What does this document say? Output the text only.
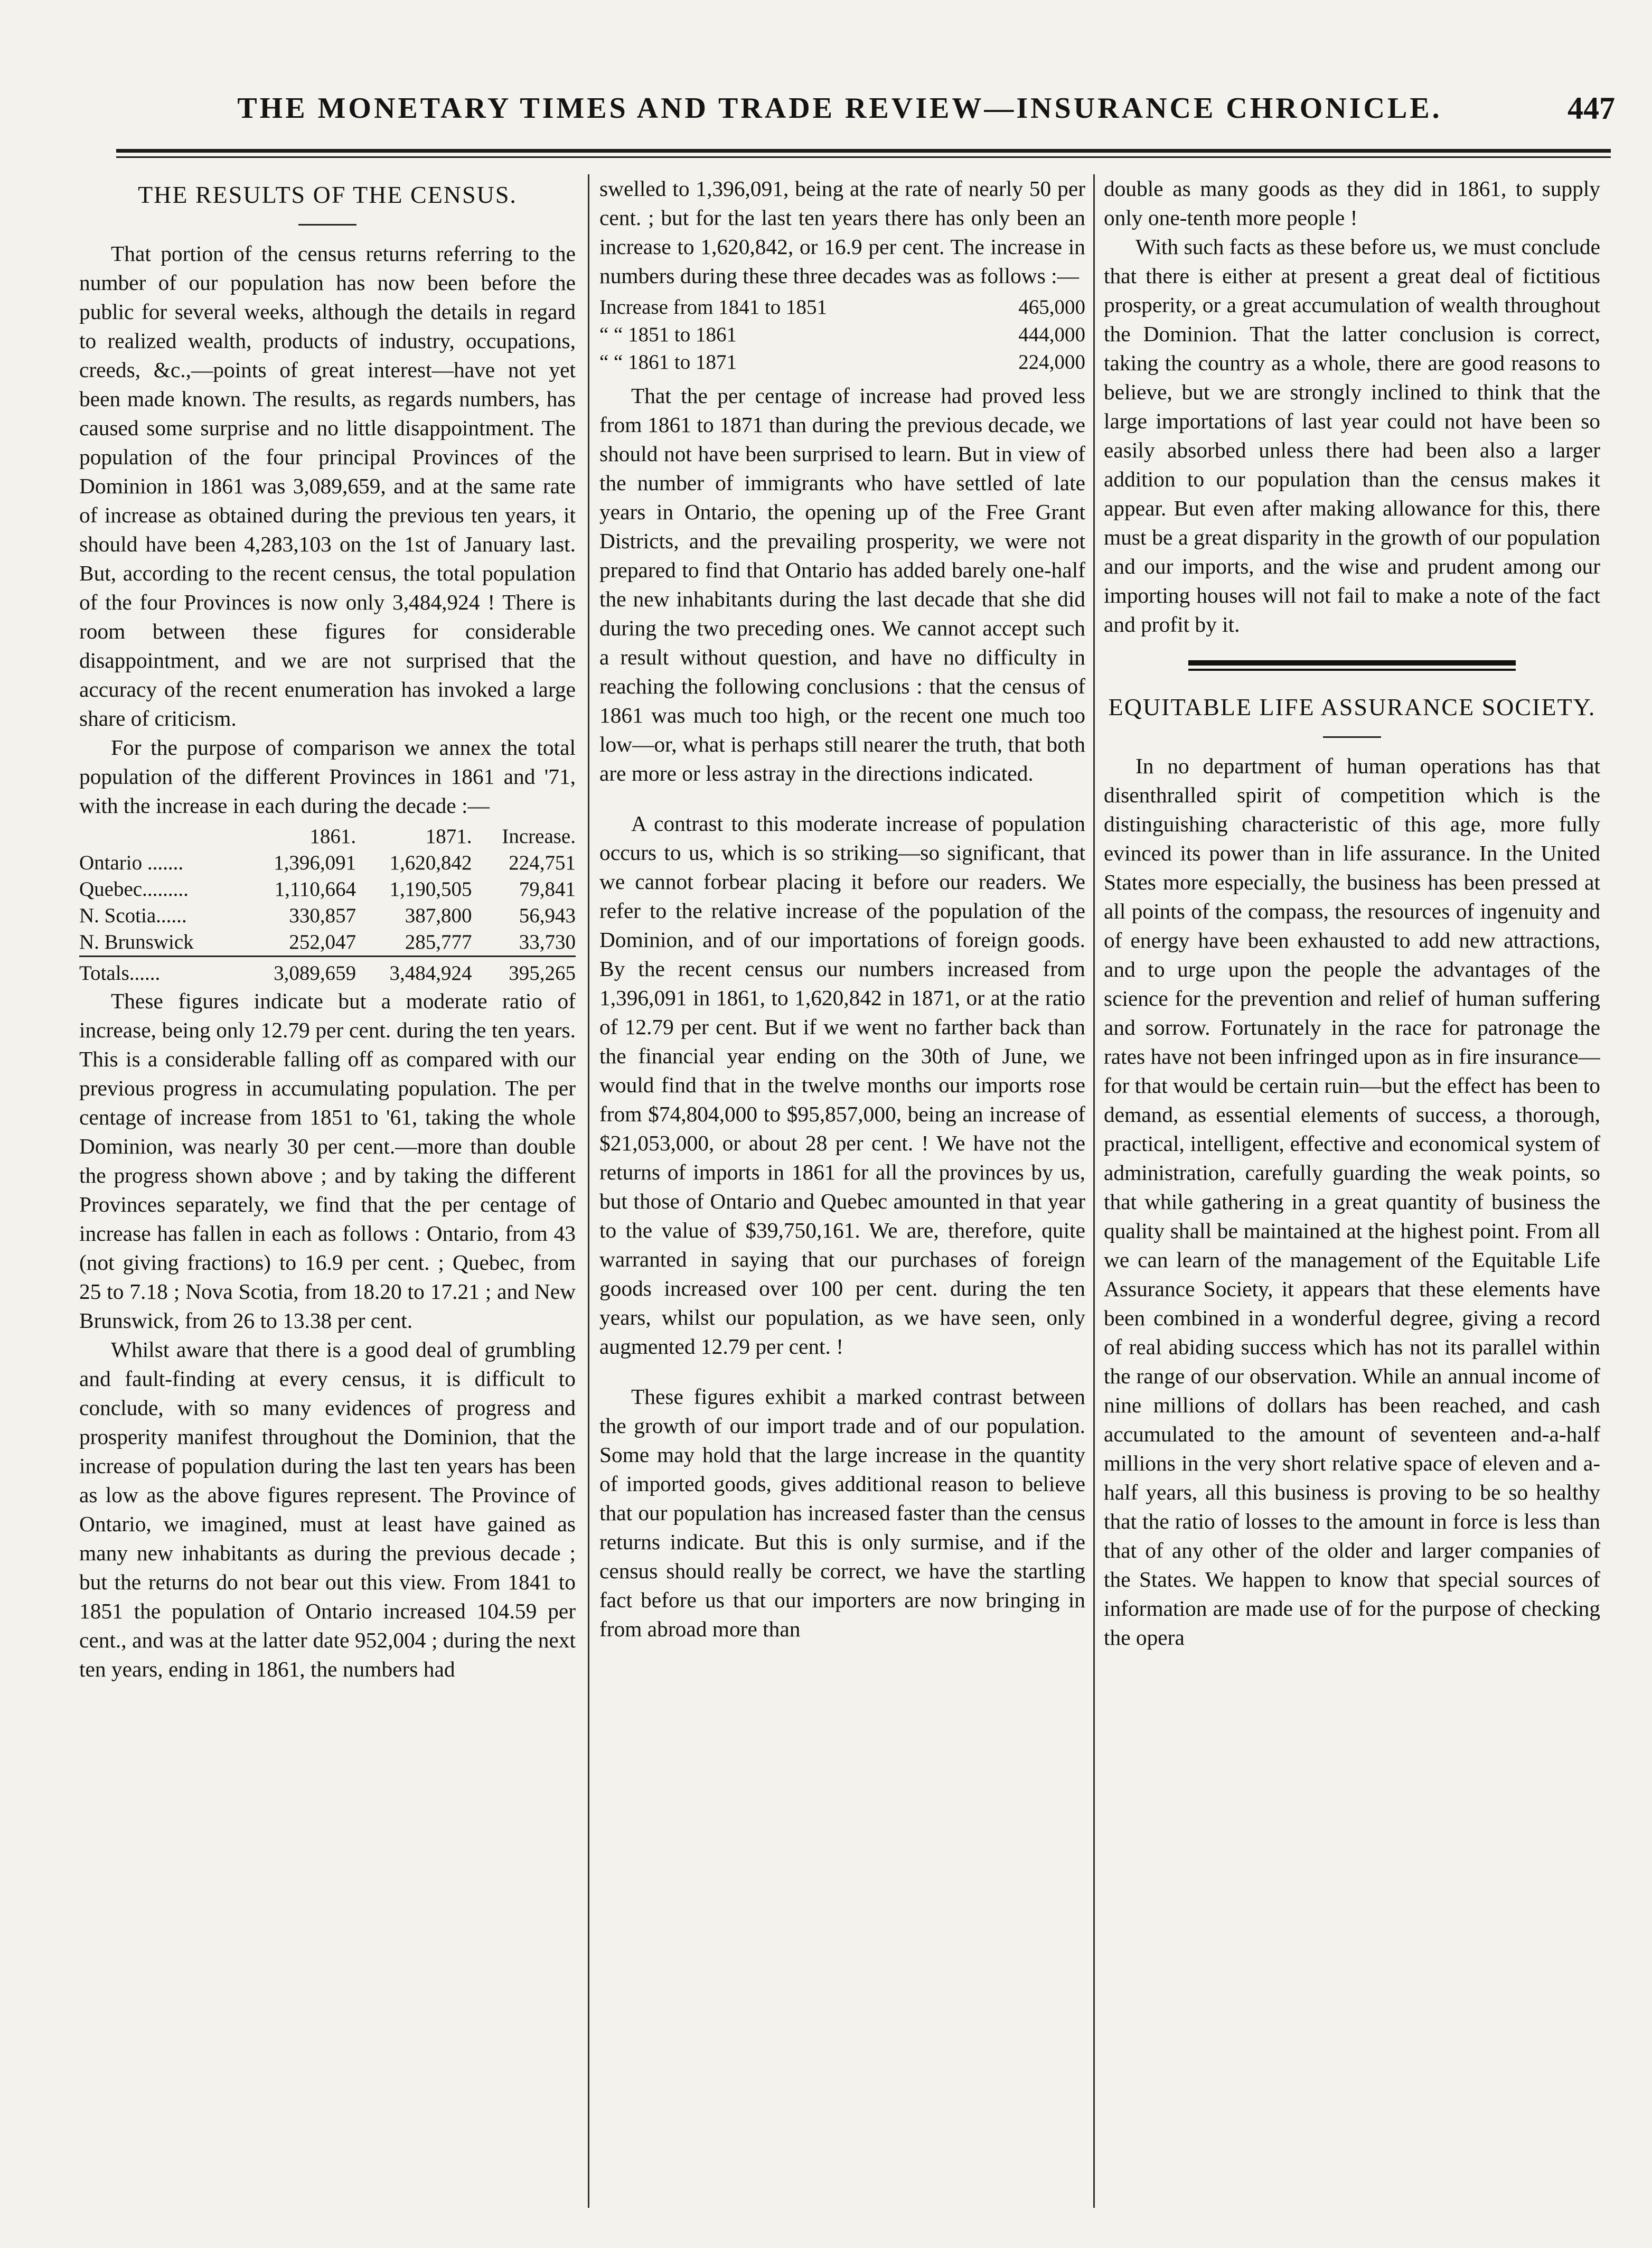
THE MONETARY TIMES AND TRADE REVIEW—INSURANCE CHRONICLE.	447
THE RESULTS OF THE CENSUS.

That portion of the census returns referring to the number of our population has now been before the public for several weeks, although the details in regard to realized wealth, products of industry, occupations, creeds, &c.,—points of great interest—have not yet been made known. The results, as regards numbers, has caused some surprise and no little disappointment. The population of the four principal Provinces of the Dominion in 1861 was 3,089,659, and at the same rate of increase as obtained during the previous ten years, it should have been 4,283,103 on the 1st of January last. But, according to the recent census, the total population of the four Provinces is now only 3,484,924 ! There is room between these figures for considerable disappointment, and we are not surprised that the accuracy of the recent enumeration has invoked a large share of criticism.

For the purpose of comparison we annex the total population of the different Provinces in 1861 and '71, with the increase in each during the decade :—

	1861.	1871.	Increase.
Ontario .......	1,396,091	1,620,842	224,751
Quebec.........	1,110,664	1,190,505	79,841
N. Scotia......	330,857	387,800	56,943
N. Brunswick	252,047	285,777	33,730
Totals......	3,089,659	3,484,924	395,265

These figures indicate but a moderate ratio of increase, being only 12.79 per cent. during the ten years. This is a considerable falling off as compared with our previous progress in accumulating population. The per centage of increase from 1851 to '61, taking the whole Dominion, was nearly 30 per cent.—more than double the progress shown above ; and by taking the different Provinces separately, we find that the per centage of increase has fallen in each as follows : Ontario, from 43 (not giving fractions) to 16.9 per cent. ; Quebec, from 25 to 7.18 ; Nova Scotia, from 18.20 to 17.21 ; and New Brunswick, from 26 to 13.38 per cent.

Whilst aware that there is a good deal of grumbling and fault-finding at every census, it is difficult to conclude, with so many evidences of progress and prosperity manifest throughout the Dominion, that the increase of population during the last ten years has been as low as the above figures represent. The Province of Ontario, we imagined, must at least have gained as many new inhabitants as during the previous decade ; but the returns do not bear out this view. From 1841 to 1851 the population of Ontario increased 104.59 per cent., and was at the latter date 952,004 ; during the next ten years, ending in 1861, the numbers had

swelled to 1,396,091, being at the rate of nearly 50 per cent. ; but for the last ten years there has only been an increase to 1,620,842, or 16.9 per cent. The increase in numbers during these three decades was as follows :—

Increase from 1841 to 1851	465,000
“ “ 1851 to 1861	444,000
“ “ 1861 to 1871	224,000

That the per centage of increase had proved less from 1861 to 1871 than during the previous decade, we should not have been surprised to learn. But in view of the number of immigrants who have settled of late years in Ontario, the opening up of the Free Grant Districts, and the prevailing prosperity, we were not prepared to find that Ontario has added barely one-half the new inhabitants during the last decade that she did during the two preceding ones. We cannot accept such a result without question, and have no difficulty in reaching the following conclusions : that the census of 1861 was much too high, or the recent one much too low—or, what is perhaps still nearer the truth, that both are more or less astray in the directions indicated.

A contrast to this moderate increase of population occurs to us, which is so striking—so significant, that we cannot forbear placing it before our readers. We refer to the relative increase of the population of the Dominion, and of our importations of foreign goods. By the recent census our numbers increased from 1,396,091 in 1861, to 1,620,842 in 1871, or at the ratio of 12.79 per cent. But if we went no farther back than the financial year ending on the 30th of June, we would find that in the twelve months our imports rose from $74,804,000 to $95,857,000, being an increase of $21,053,000, or about 28 per cent. ! We have not the returns of imports in 1861 for all the provinces by us, but those of Ontario and Quebec amounted in that year to the value of $39,750,161. We are, therefore, quite warranted in saying that our purchases of foreign goods increased over 100 per cent. during the ten years, whilst our population, as we have seen, only augmented 12.79 per cent. !

These figures exhibit a marked contrast between the growth of our import trade and of our population. Some may hold that the large increase in the quantity of imported goods, gives additional reason to believe that our population has increased faster than the census returns indicate. But this is only surmise, and if the census should really be correct, we have the startling fact before us that our importers are now bringing in from abroad more than

double as many goods as they did in 1861, to supply only one-tenth more people !

With such facts as these before us, we must conclude that there is either at present a great deal of fictitious prosperity, or a great accumulation of wealth throughout the Dominion. That the latter conclusion is correct, taking the country as a whole, there are good reasons to believe, but we are strongly inclined to think that the large importations of last year could not have been so easily absorbed unless there had been also a larger addition to our population than the census makes it appear. But even after making allowance for this, there must be a great disparity in the growth of our population and our imports, and the wise and prudent among our importing houses will not fail to make a note of the fact and profit by it.

EQUITABLE LIFE ASSURANCE SOCIETY.

In no department of human operations has that disenthralled spirit of competition which is the distinguishing characteristic of this age, more fully evinced its power than in life assurance. In the United States more especially, the business has been pressed at all points of the compass, the resources of ingenuity and of energy have been exhausted to add new attractions, and to urge upon the people the advantages of the science for the prevention and relief of human suffering and sorrow. Fortunately in the race for patronage the rates have not been infringed upon as in fire insurance—for that would be certain ruin—but the effect has been to demand, as essential elements of success, a thorough, practical, intelligent, effective and economical system of administration, carefully guarding the weak points, so that while gathering in a great quantity of business the quality shall be maintained at the highest point. From all we can learn of the management of the Equitable Life Assurance Society, it appears that these elements have been combined in a wonderful degree, giving a record of real abiding success which has not its parallel within the range of our observation. While an annual income of nine millions of dollars has been reached, and cash accumulated to the amount of seventeen and-a-half millions in the very short relative space of eleven and a-half years, all this business is proving to be so healthy that the ratio of losses to the amount in force is less than that of any other of the older and larger companies of the States. We happen to know that special sources of information are made use of for the purpose of checking the opera
